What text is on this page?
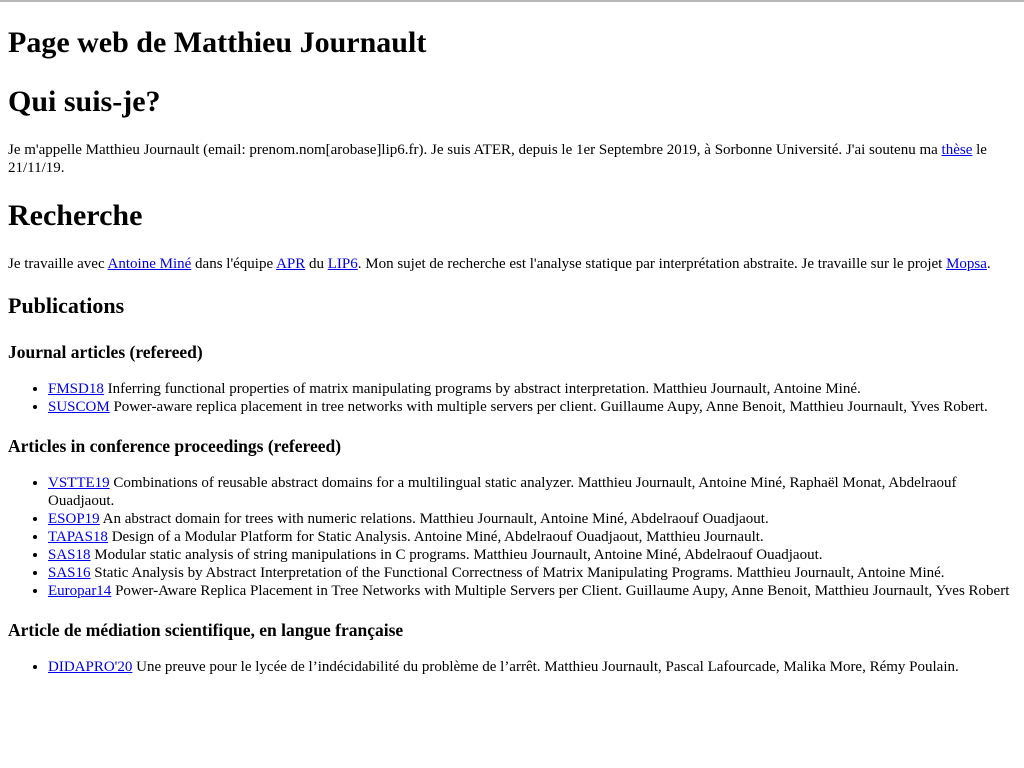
Page web de Matthieu Journault
Qui suis-je?

Je m'appelle Matthieu Journault (email: prenom.nom[arobase]lip6.fr). Je suis ATER, depuis le 1er Septembre 2019, à Sorbonne Université. J'ai soutenu ma thèse le 21/11/19.

Recherche

Je travaille avec Antoine Miné dans l'équipe APR du LIP6. Mon sujet de recherche est l'analyse statique par interprétation abstraite. Je travaille sur le projet Mopsa.

Publications
Journal articles (refereed)
• FMSD18 Inferring functional properties of matrix manipulating programs by abstract interpretation. Matthieu Journault, Antoine Miné.
• SUSCOM Power-aware replica placement in tree networks with multiple servers per client. Guillaume Aupy, Anne Benoit, Matthieu Journault, Yves Robert.
Articles in conference proceedings (refereed)
• VSTTE19 Combinations of reusable abstract domains for a multilingual static analyzer. Matthieu Journault, Antoine Miné, Raphaël Monat, Abdelraouf Ouadjaout.
• ESOP19 An abstract domain for trees with numeric relations. Matthieu Journault, Antoine Miné, Abdelraouf Ouadjaout.
• TAPAS18 Design of a Modular Platform for Static Analysis. Antoine Miné, Abdelraouf Ouadjaout, Matthieu Journault.
• SAS18 Modular static analysis of string manipulations in C programs. Matthieu Journault, Antoine Miné, Abdelraouf Ouadjaout.
• SAS16 Static Analysis by Abstract Interpretation of the Functional Correctness of Matrix Manipulating Programs. Matthieu Journault, Antoine Miné.
• Europar14 Power-Aware Replica Placement in Tree Networks with Multiple Servers per Client. Guillaume Aupy, Anne Benoit, Matthieu Journault, Yves Robert
Article de médiation scientifique, en langue française
• DIDAPRO'20 Une preuve pour le lycée de l’indécidabilité du problème de l’arrêt. Matthieu Journault, Pascal Lafourcade, Malika More, Rémy Poulain.
